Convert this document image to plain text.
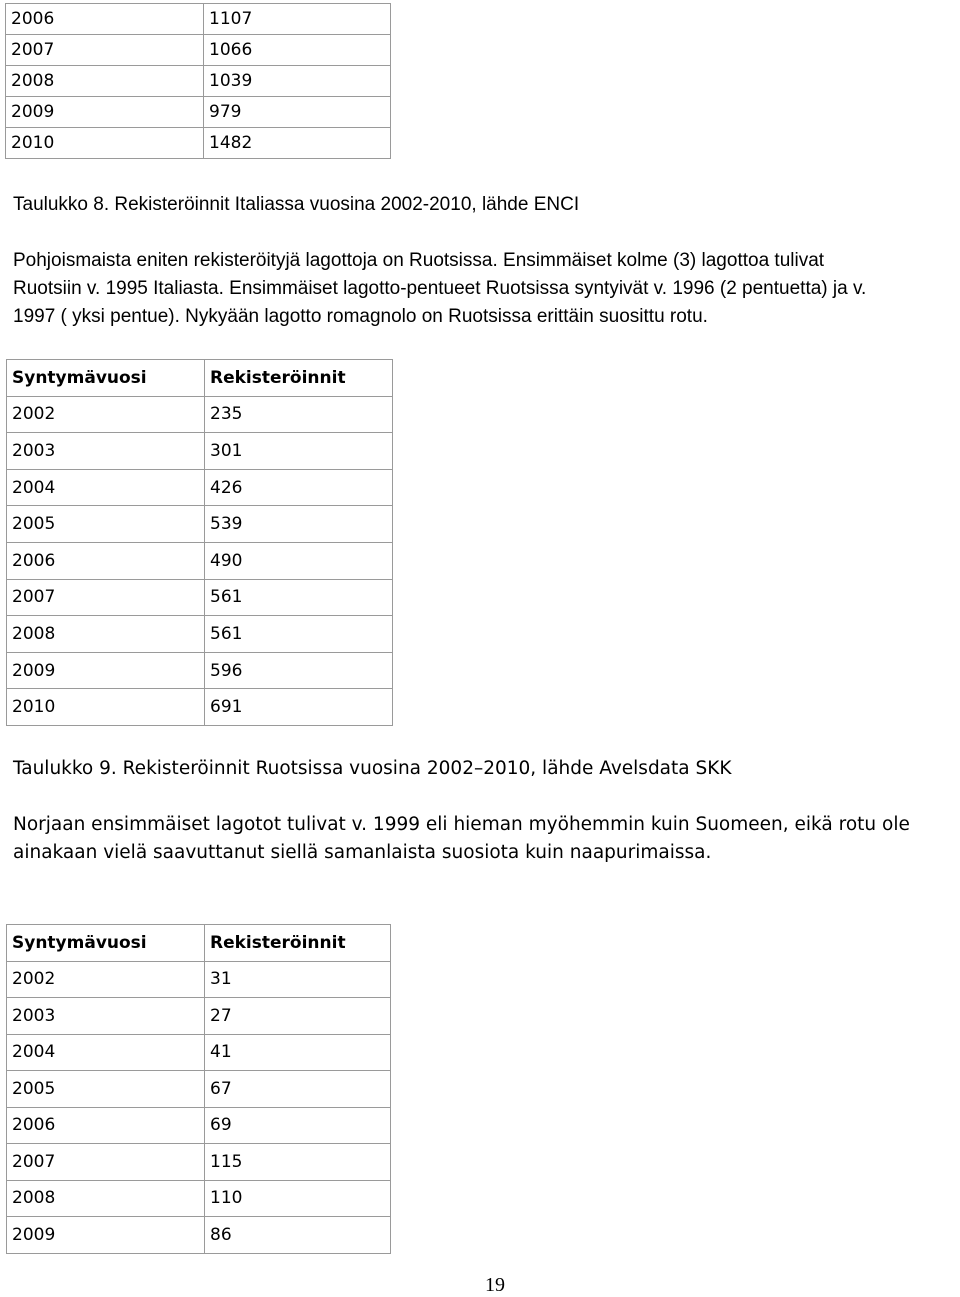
2006	1107
2007	1066
2008	1039
2009	979
2010	1482

Taulukko 8. Rekisteröinnit Italiassa vuosina 2002-2010, lähde ENCI

Pohjoismaista eniten rekisteröityjä lagottoja on Ruotsissa. Ensimmäiset kolme (3) lagottoa tulivat
Ruotsiin v. 1995 Italiasta. Ensimmäiset lagotto-pentueet Ruotsissa syntyivät v. 1996 (2 pentuetta) ja v.
1997 ( yksi pentue). Nykyään lagotto romagnolo on Ruotsissa erittäin suosittu rotu.
Syntymävuosi	Rekisteröinnit
2002	235
2003	301
2004	426
2005	539
2006	490
2007	561
2008	561
2009	596
2010	691

Taulukko 9. Rekisteröinnit Ruotsissa vuosina 2002–2010, lähde Avelsdata SKK

Norjaan ensimmäiset lagotot tulivat v. 1999 eli hieman myöhemmin kuin Suomeen, eikä rotu ole
ainakaan vielä saavuttanut siellä samanlaista suosiota kuin naapurimaissa.
Syntymävuosi	Rekisteröinnit
2002	31
2003	27
2004	41
2005	67
2006	69
2007	115
2008	110
2009	86
19
